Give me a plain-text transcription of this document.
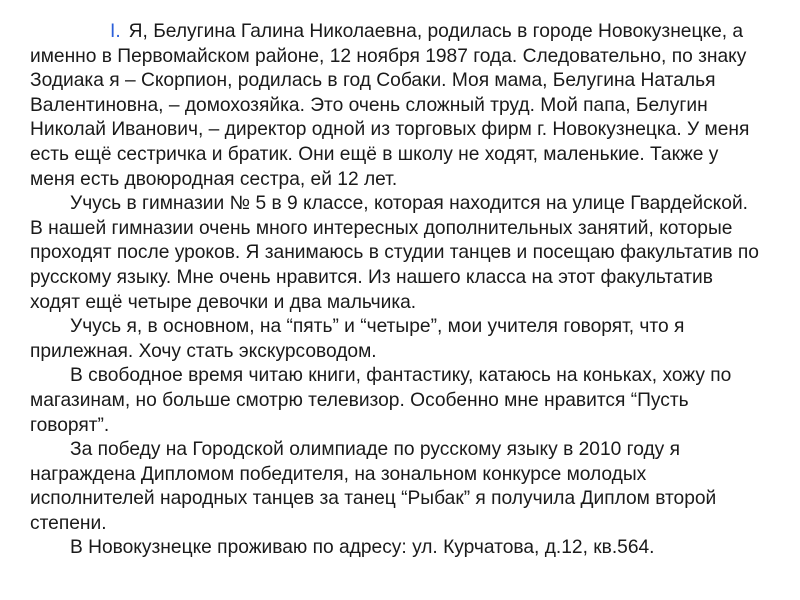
I. Я, Белугина Галина Николаевна, родилась в городе Новокузнецке, а именно в Первомайском районе, 12 ноября 1987 года. Следовательно, по знаку Зодиака я – Скорпион, родилась в год Собаки. Моя мама, Белугина Наталья Валентиновна, – домохозяйка. Это очень сложный труд. Мой папа, Белугин Николай Иванович, – директор одной из торговых фирм г. Новокузнецка. У меня есть ещё сестричка и братик. Они ещё в школу не ходят, маленькие. Также у меня есть двоюродная сестра, ей 12 лет.

Учусь в гимназии № 5 в 9 классе, которая находится на улице Гвардейской. В нашей гимназии очень много интересных дополнительных занятий, которые проходят после уроков. Я занимаюсь в студии танцев и посещаю факультатив по русскому языку. Мне очень нравится. Из нашего класса на этот факультатив ходят ещё четыре девочки и два мальчика.

Учусь я, в основном, на “пять” и “четыре”, мои учителя говорят, что я прилежная. Хочу стать экскурсоводом.

В свободное время читаю книги, фантастику, катаюсь на коньках, хожу по магазинам, но больше смотрю телевизор. Особенно мне нравится “Пусть говорят”.

За победу на Городской олимпиаде по русскому языку в 2010 году я награждена Дипломом победителя, на зональном конкурсе молодых исполнителей народных танцев за танец “Рыбак” я получила Диплом второй степени.

В Новокузнецке проживаю по адресу: ул. Курчатова, д.12, кв.564.
